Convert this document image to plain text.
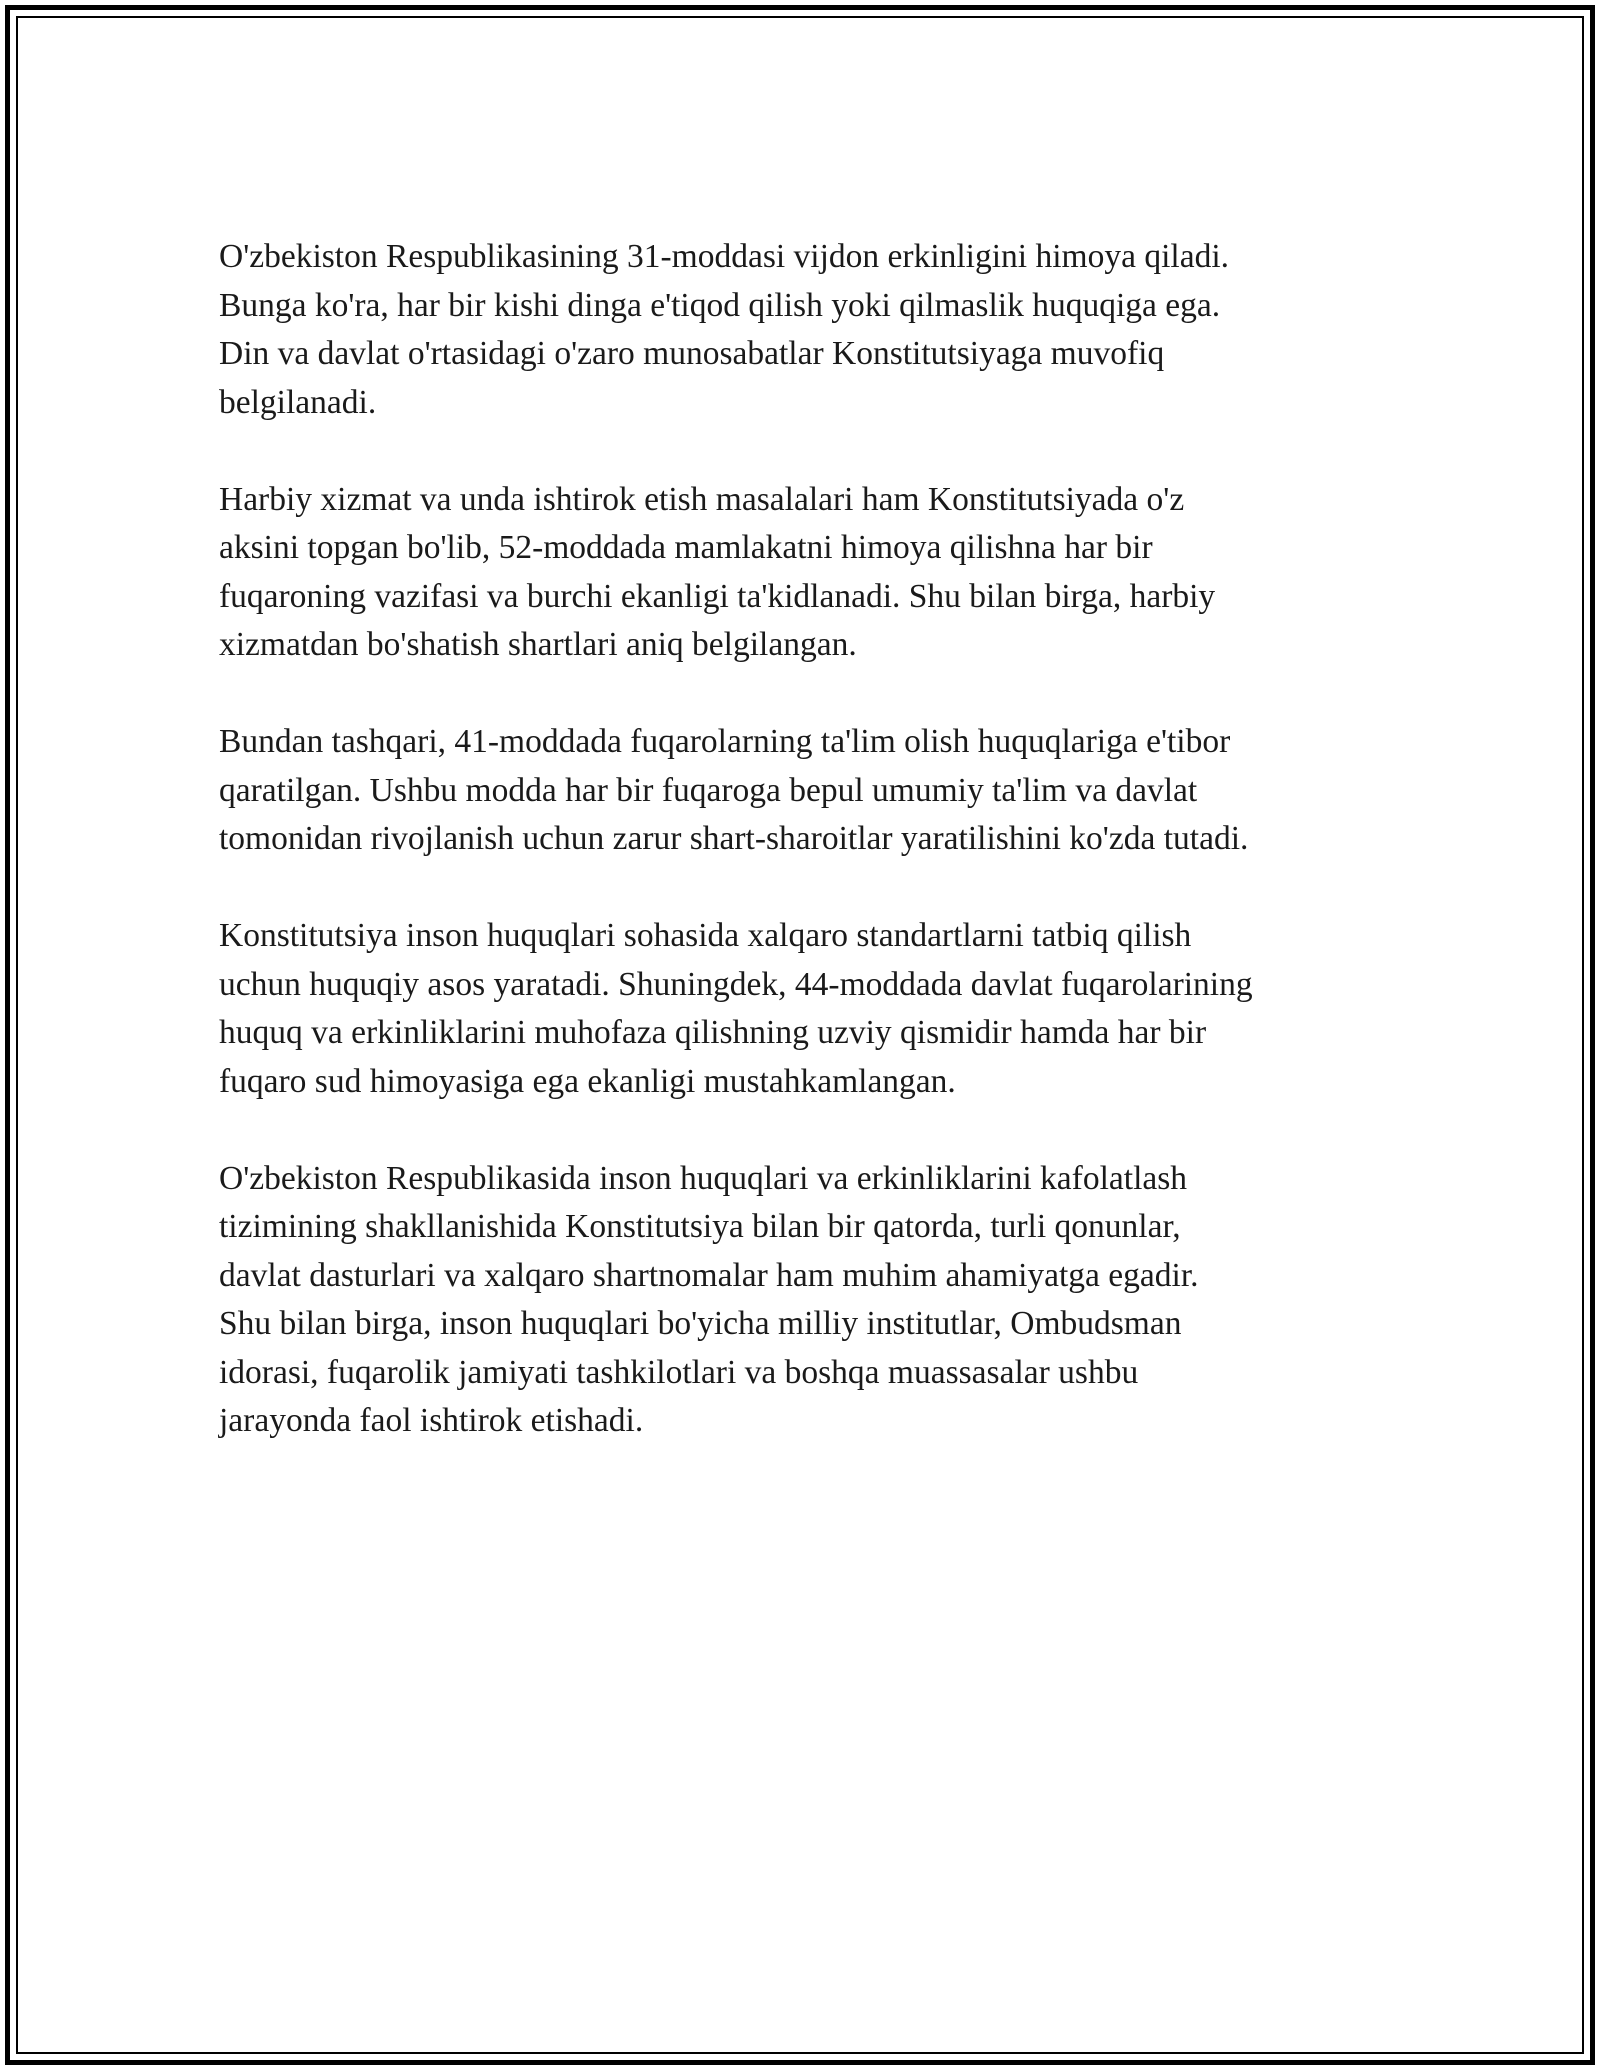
O'zbekiston Respublikasining 31-moddasi vijdon erkinligini himoya qiladi.
Bunga ko'ra, har bir kishi dinga e'tiqod qilish yoki qilmaslik huquqiga ega.
Din va davlat o'rtasidagi o'zaro munosabatlar Konstitutsiyaga muvofiq
belgilanadi.

Harbiy xizmat va unda ishtirok etish masalalari ham Konstitutsiyada o'z
aksini topgan bo'lib, 52-moddada mamlakatni himoya qilishna har bir
fuqaroning vazifasi va burchi ekanligi ta'kidlanadi. Shu bilan birga, harbiy
xizmatdan bo'shatish shartlari aniq belgilangan.

Bundan tashqari, 41-moddada fuqarolarning ta'lim olish huquqlariga e'tibor
qaratilgan. Ushbu modda har bir fuqaroga bepul umumiy ta'lim va davlat
tomonidan rivojlanish uchun zarur shart-sharoitlar yaratilishini ko'zda tutadi.

Konstitutsiya inson huquqlari sohasida xalqaro standartlarni tatbiq qilish
uchun huquqiy asos yaratadi. Shuningdek, 44-moddada davlat fuqarolarining
huquq va erkinliklarini muhofaza qilishning uzviy qismidir hamda har bir
fuqaro sud himoyasiga ega ekanligi mustahkamlangan.

O'zbekiston Respublikasida inson huquqlari va erkinliklarini kafolatlash
tizimining shakllanishida Konstitutsiya bilan bir qatorda, turli qonunlar,
davlat dasturlari va xalqaro shartnomalar ham muhim ahamiyatga egadir.
Shu bilan birga, inson huquqlari bo'yicha milliy institutlar, Ombudsman
idorasi, fuqarolik jamiyati tashkilotlari va boshqa muassasalar ushbu
jarayonda faol ishtirok etishadi.
